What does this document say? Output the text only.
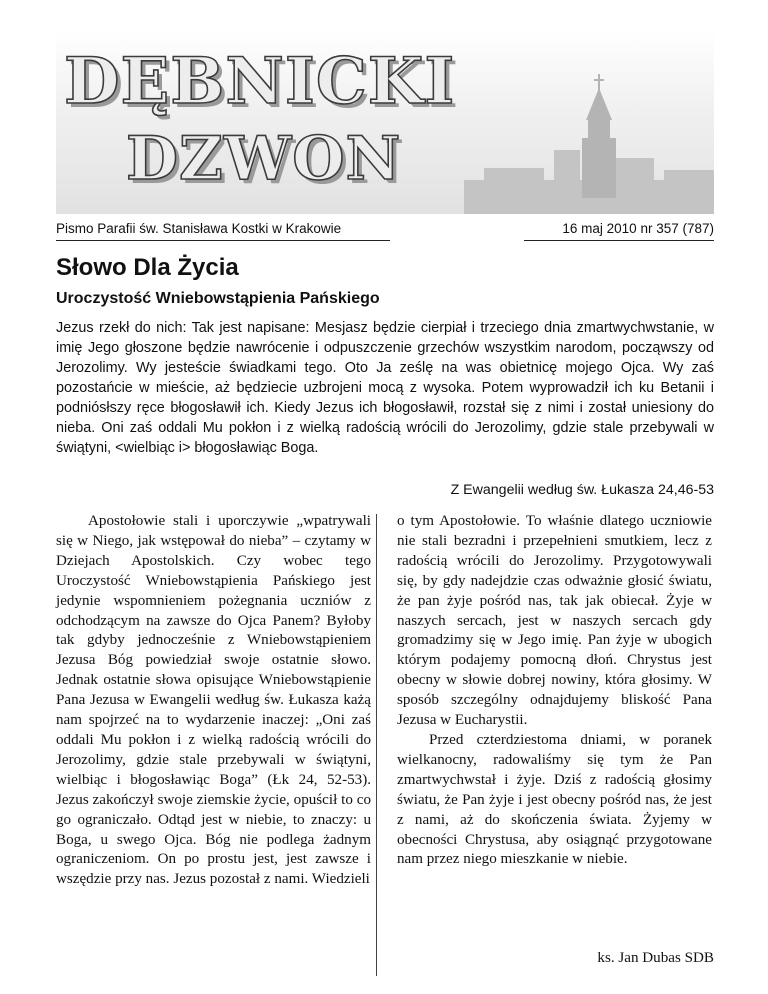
DĘBNICKI
DZWON
Pismo Parafii św. Stanisława Kostki w Krakowie	16 maj 2010 nr 357 (787)
Słowo Dla Życia
Uroczystość Wniebowstąpienia Pańskiego

Jezus rzekł do nich: Tak jest napisane: Mesjasz będzie cierpiał i trzeciego dnia zmartwychwstanie, w imię Jego głoszone będzie nawrócenie i odpuszczenie grzechów wszystkim narodom, począwszy od Jerozolimy. Wy jesteście świadkami tego. Oto Ja ześlę na was obietnicę mojego Ojca. Wy zaś pozostańcie w mieście, aż będziecie uzbrojeni mocą z wysoka. Potem wyprowadził ich ku Betanii i podniósłszy ręce błogosławił ich. Kiedy Jezus ich błogosławił, rozstał się z nimi i został uniesiony do nieba. Oni zaś oddali Mu pokłon i z wielką radością wrócili do Jerozolimy, gdzie stale przebywali w świątyni, <wielbiąc i> błogosławiąc Boga.

Z Ewangelii według św. Łukasza 24,46-53

Apostołowie stali i uporczywie „wpatrywali się w Niego, jak wstępował do nieba” – czytamy w Dziejach Apostolskich. Czy wobec tego Uroczystość Wniebowstąpienia Pańskiego jest jedynie wspomnieniem pożegnania uczniów z odchodzącym na zawsze do Ojca Panem? Byłoby tak gdyby jednocześnie z Wniebowstąpieniem Jezusa Bóg powiedział swoje ostatnie słowo. Jednak ostatnie słowa opisujące Wniebowstąpienie Pana Jezusa w Ewangelii według św. Łukasza każą nam spojrzeć na to wydarzenie inaczej: „Oni zaś oddali Mu pokłon i z wielką radością wrócili do Jerozolimy, gdzie stale przebywali w świątyni, wielbiąc i błogosławiąc Boga” (Łk 24, 52-53). Jezus zakończył swoje ziemskie życie, opuścił to co go ograniczało. Odtąd jest w niebie, to znaczy: u Boga, u swego Ojca. Bóg nie podlega żadnym ograniczeniom. On po prostu jest, jest zawsze i wszędzie przy nas. Jezus pozostał z nami. Wiedzieli

o tym Apostołowie. To właśnie dlatego uczniowie nie stali bezradni i przepełnieni smutkiem, lecz z radością wrócili do Jerozolimy. Przygotowywali się, by gdy nadejdzie czas odważnie głosić światu, że pan żyje pośród nas, tak jak obiecał. Żyje w naszych sercach, jest w naszych sercach gdy gromadzimy się w Jego imię. Pan żyje w ubogich którym podajemy pomocną dłoń. Chrystus jest obecny w słowie dobrej nowiny, która głosimy. W sposób szczególny odnajdujemy bliskość Pana Jezusa w Eucharystii.

Przed czterdziestoma dniami, w poranek wielkanocny, radowaliśmy się tym że Pan zmartwychwstał i żyje. Dziś z radością głosimy światu, że Pan żyje i jest obecny pośród nas, że jest z nami, aż do skończenia świata. Żyjemy w obecności Chrystusa, aby osiągnąć przygotowane nam przez niego mieszkanie w niebie.

ks. Jan Dubas SDB
